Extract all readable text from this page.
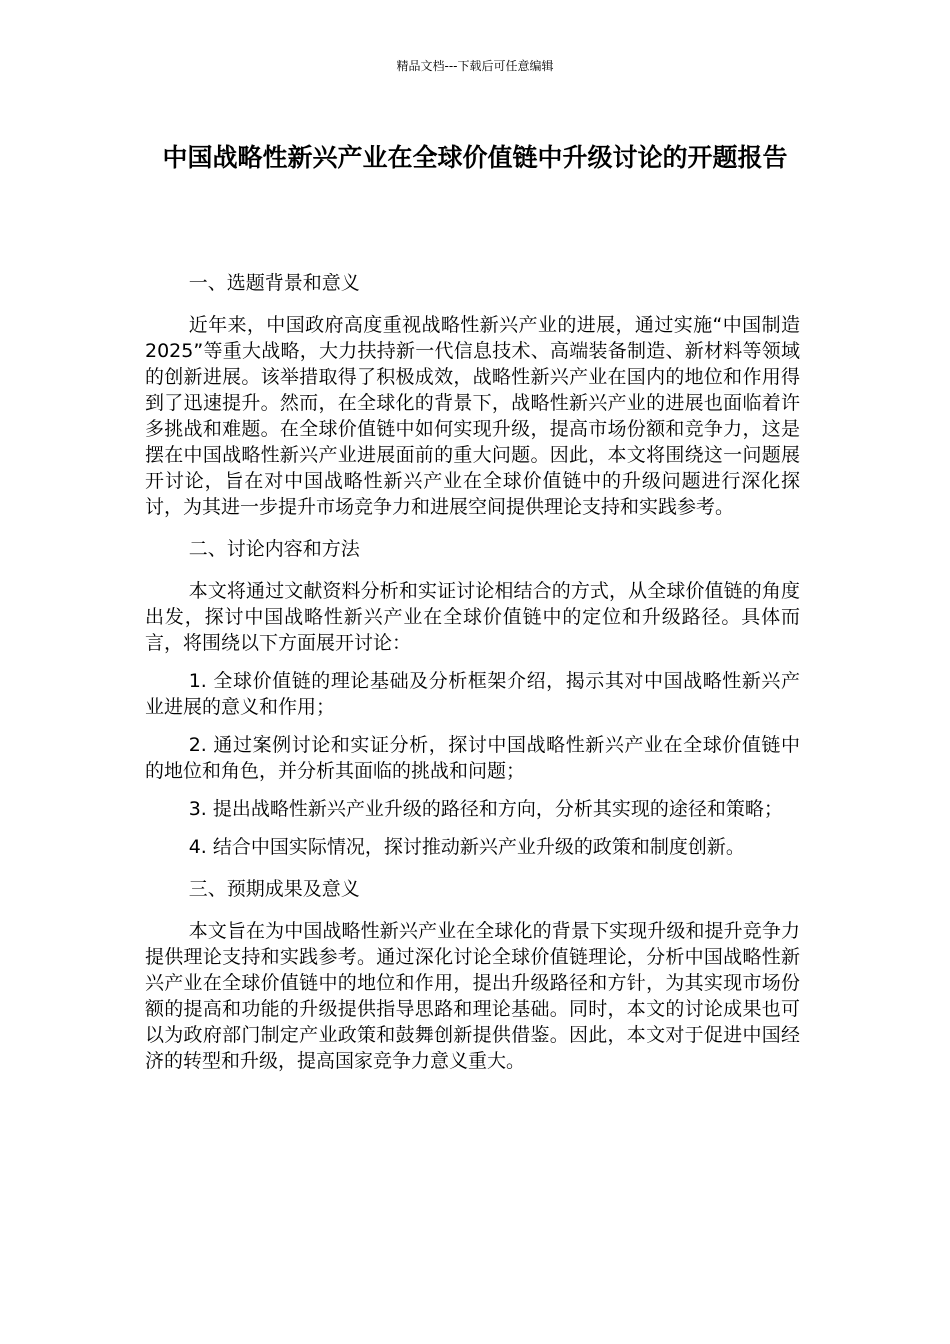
精品文档---下载后可任意编辑
中国战略性新兴产业在全球价值链中升级讨论的开题报告
一、选题背景和意义

近年来，中国政府高度重视战略性新兴产业的进展，通过实施“中国制造2025”等重大战略，大力扶持新一代信息技术、高端装备制造、新材料等领域的创新进展。该举措取得了积极成效，战略性新兴产业在国内的地位和作用得到了迅速提升。然而，在全球化的背景下，战略性新兴产业的进展也面临着许多挑战和难题。在全球价值链中如何实现升级，提高市场份额和竞争力，这是摆在中国战略性新兴产业进展面前的重大问题。因此，本文将围绕这一问题展开讨论，旨在对中国战略性新兴产业在全球价值链中的升级问题进行深化探讨，为其进一步提升市场竞争力和进展空间提供理论支持和实践参考。

二、讨论内容和方法

本文将通过文献资料分析和实证讨论相结合的方式，从全球价值链的角度出发，探讨中国战略性新兴产业在全球价值链中的定位和升级路径。具体而言，将围绕以下方面展开讨论：

1. 全球价值链的理论基础及分析框架介绍，揭示其对中国战略性新兴产业进展的意义和作用；

2. 通过案例讨论和实证分析，探讨中国战略性新兴产业在全球价值链中的地位和角色，并分析其面临的挑战和问题；

3. 提出战略性新兴产业升级的路径和方向，分析其实现的途径和策略；

4. 结合中国实际情况，探讨推动新兴产业升级的政策和制度创新。

三、预期成果及意义

本文旨在为中国战略性新兴产业在全球化的背景下实现升级和提升竞争力提供理论支持和实践参考。通过深化讨论全球价值链理论，分析中国战略性新兴产业在全球价值链中的地位和作用，提出升级路径和方针，为其实现市场份额的提高和功能的升级提供指导思路和理论基础。同时，本文的讨论成果也可以为政府部门制定产业政策和鼓舞创新提供借鉴。因此，本文对于促进中国经济的转型和升级，提高国家竞争力意义重大。
